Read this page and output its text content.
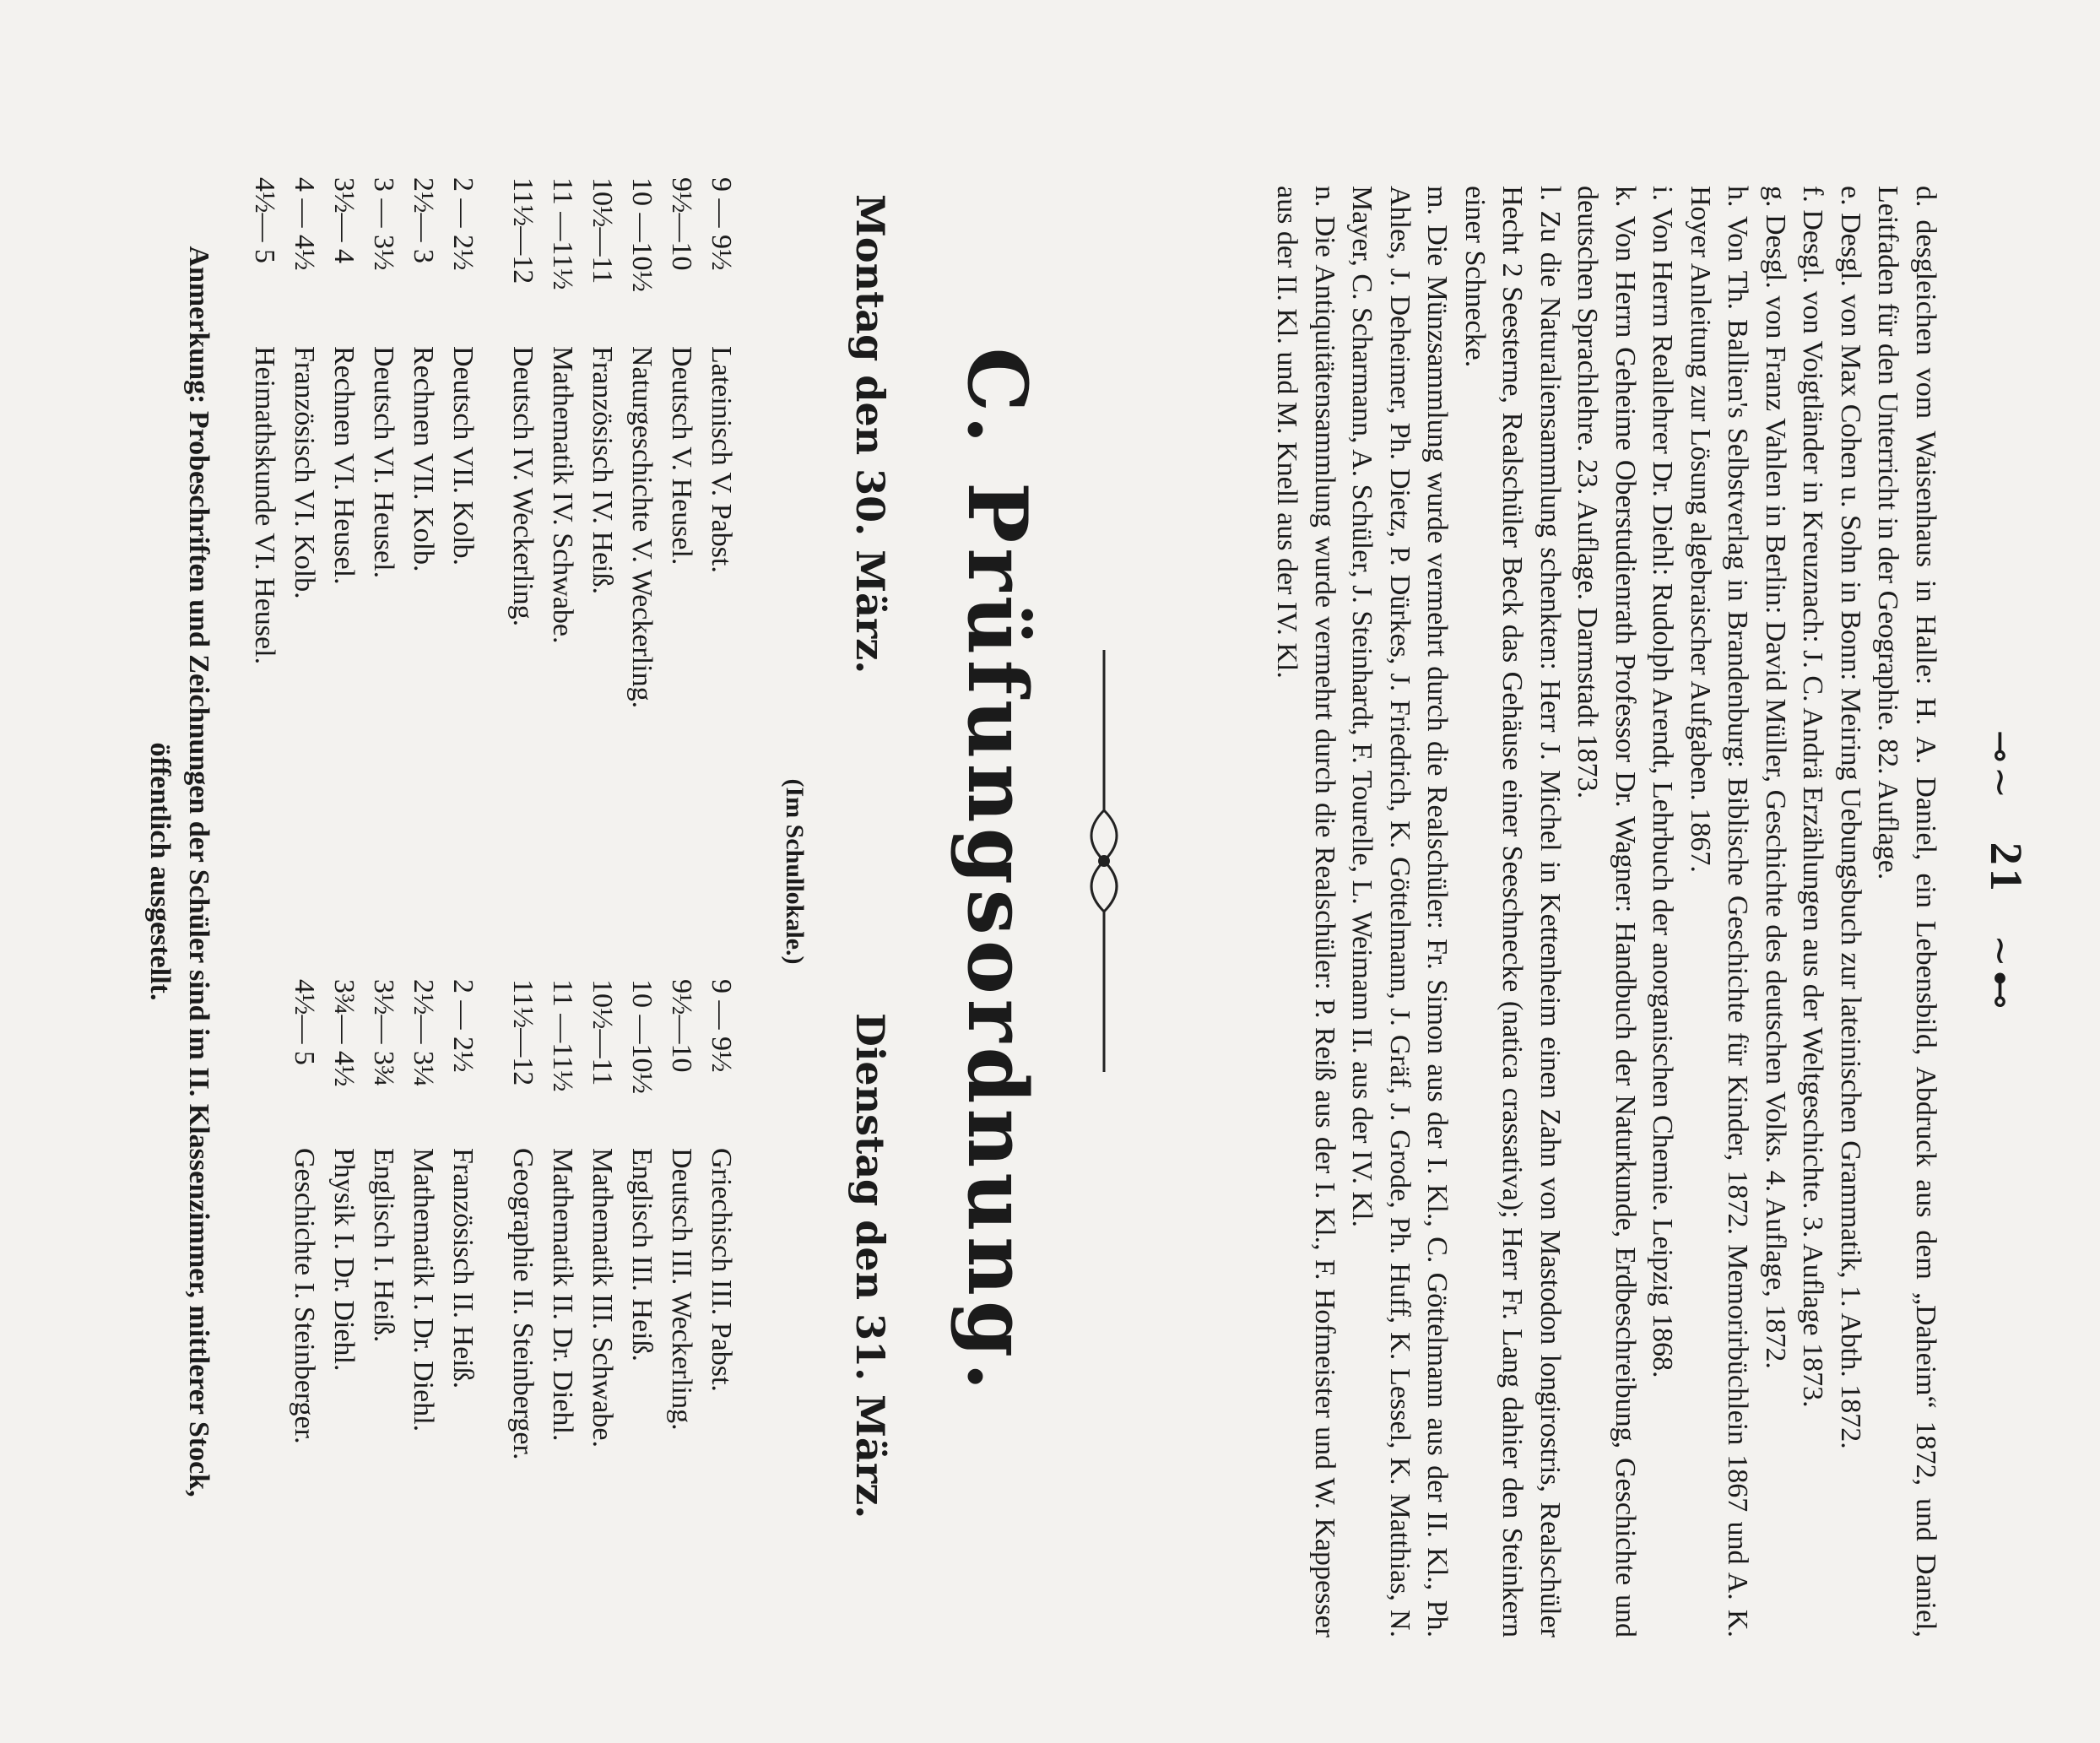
⊸∼ 21 ∼⊷

d. desgleichen vom Waisenhaus in Halle: H. A. Daniel, ein Lebensbild, Abdruck aus dem „Daheim“ 1872, und Daniel, Leitfaden für den Unterricht in der Geographie. 82. Auflage.

e. Desgl. von Max Cohen u. Sohn in Bonn: Meiring Uebungsbuch zur lateinischen Grammatik, 1. Abth. 1872.

f. Desgl. von Voigtländer in Kreuznach: J. C. Andrä Erzählungen aus der Weltgeschichte. 3. Auflage 1873.

g. Desgl. von Franz Vahlen in Berlin: David Müller, Geschichte des deutschen Volks. 4. Auflage, 1872.

h. Von Th. Ballien's Selbstverlag in Brandenburg: Biblische Geschichte für Kinder, 1872. Memorirbüchlein 1867 und A. K. Hoyer Anleitung zur Lösung algebraischer Aufgaben. 1867.

i. Von Herrn Reallehrer Dr. Diehl: Rudolph Arendt, Lehrbuch der anorganischen Chemie. Leipzig 1868.

k. Von Herrn Geheime Oberstudienrath Professor Dr. Wagner: Handbuch der Naturkunde, Erdbeschreibung, Geschichte und deutschen Sprachlehre. 23. Auflage. Darmstadt 1873.

l. Zu die Naturaliensammlung schenkten: Herr J. Michel in Kettenheim einen Zahn von Mastodon longirostris, Realschüler Hecht 2 Seesterne, Realschüler Beck das Gehäuse einer Seeschnecke (natica crassativa); Herr Fr. Lang dahier den Steinkern einer Schnecke.

m. Die Münzsammlung wurde vermehrt durch die Realschüler: Fr. Simon aus der I. Kl., C. Göttelmann aus der II. Kl., Ph. Ahles, J. Deheimer, Ph. Dietz, P. Dürkes, J. Friedrich, K. Göttelmann, J. Gräf, J. Grode, Ph. Huff, K. Lessel, K. Matthias, N. Mayer, C. Scharmann, A. Schüler, J. Steinhardt, F. Tourelle, L. Weimann II. aus der IV. Kl.

n. Die Antiquitätensammlung wurde vermehrt durch die Realschüler: P. Reiß aus der I. Kl., F. Hofmeister und W. Kappesser aus der II. Kl. und M. Knell aus der IV. Kl.

C. Prüfungsordnung.
Montag den 30. März.
Dienstag den 31. März.
(Im Schullokale.)
9 — 9½
Lateinisch V. Pabst.
9½—10
Deutsch V. Heusel.
10 —10½
Naturgeschichte V. Weckerling.
10½—11
Französisch IV. Heiß.
11 —11½
Mathematik IV. Schwabe.
11½—12
Deutsch IV. Weckerling.
2 — 2½
Deutsch VII. Kolb.
2½— 3
Rechnen VII. Kolb.
3 — 3½
Deutsch VI. Heusel.
3½— 4
Rechnen VI. Heusel.
4 — 4½
Französisch VI. Kolb.
4½— 5
Heimathskunde VI. Heusel.
9 — 9½
Griechisch III. Pabst.
9½—10
Deutsch III. Weckerling.
10 —10½
Englisch III. Heiß.
10½—11
Mathematik III. Schwabe.
11 —11½
Mathematik II. Dr. Diehl.
11½—12
Geographie II. Steinberger.
2 — 2½
Französisch II. Heiß.
2½— 3¼
Mathematik I. Dr. Diehl.
3½— 3¾
Englisch I. Heiß.
3¾— 4½
Physik I. Dr. Diehl.
4½— 5
Geschichte I. Steinberger.
Anmerkung: Probeschriften und Zeichnungen der Schüler sind im II. Klassenzimmer, mittlerer Stock,
öffentlich ausgestellt.
